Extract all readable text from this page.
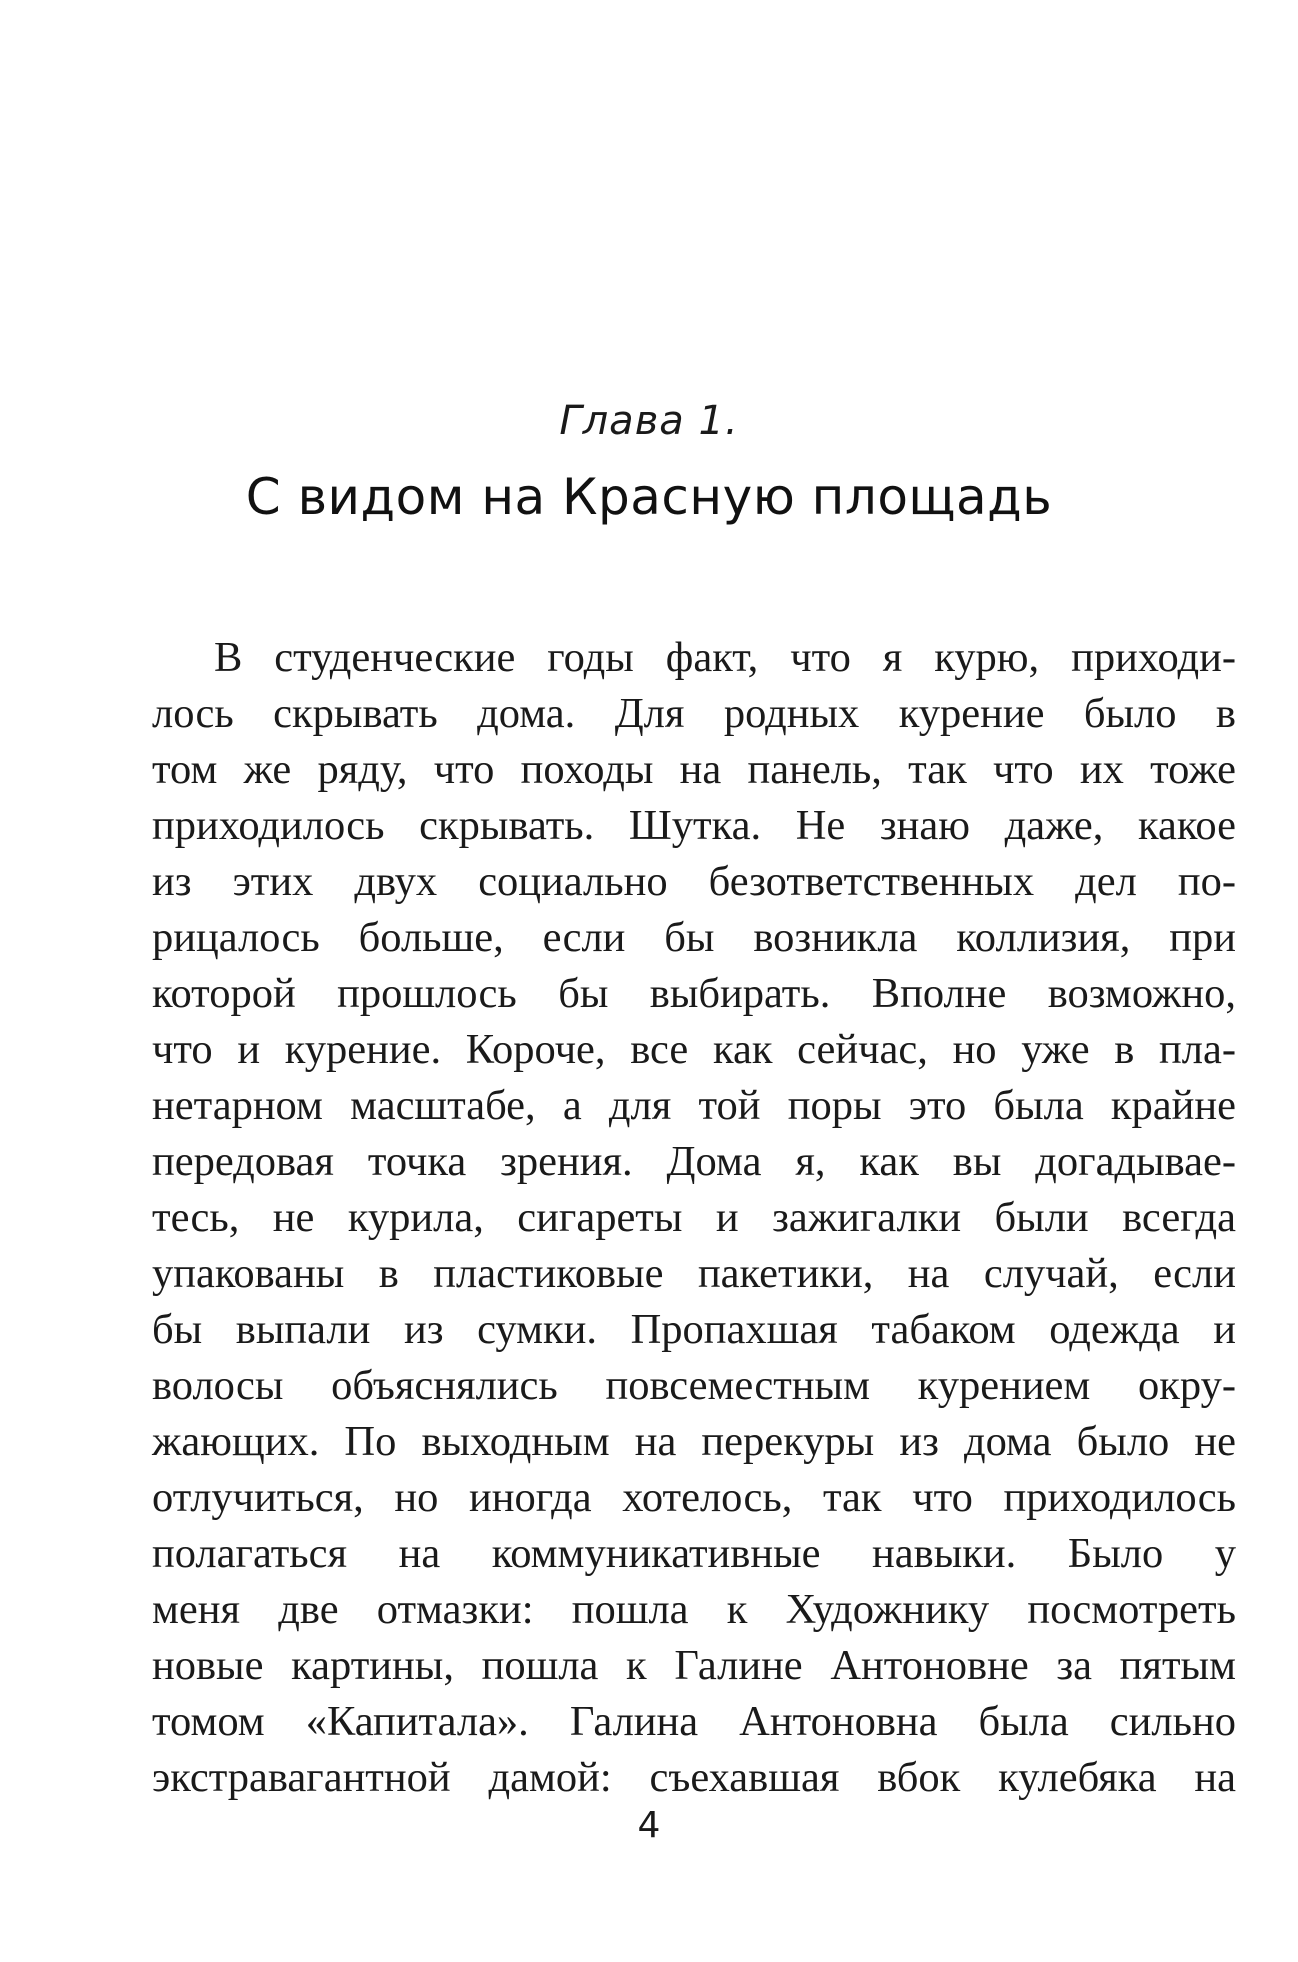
Глава 1.
С видом на Красную площадь
В студенческие годы факт, что я курю, приходи-
лось скрывать дома. Для родных курение было в
том же ряду, что походы на панель, так что их тоже
приходилось скрывать. Шутка. Не знаю даже, какое
из этих двух социально безответственных дел по-
рицалось больше, если бы возникла коллизия, при
которой прошлось бы выбирать. Вполне возможно,
что и курение. Короче, все как сейчас, но уже в пла-
нетарном масштабе, а для той поры это была крайне
передовая точка зрения. Дома я, как вы догадывае-
тесь, не курила, сигареты и зажигалки были всегда
упакованы в пластиковые пакетики, на случай, если
бы выпали из сумки. Пропахшая табаком одежда и
волосы объяснялись повсеместным курением окру-
жающих. По выходным на перекуры из дома было не
отлучиться, но иногда хотелось, так что приходилось
полагаться на коммуникативные навыки. Было у
меня две отмазки: пошла к Художнику посмотреть
новые картины, пошла к Галине Антоновне за пятым
томом «Капитала». Галина Антоновна была сильно
экстравагантной дамой: съехавшая вбок кулебяка на
4
